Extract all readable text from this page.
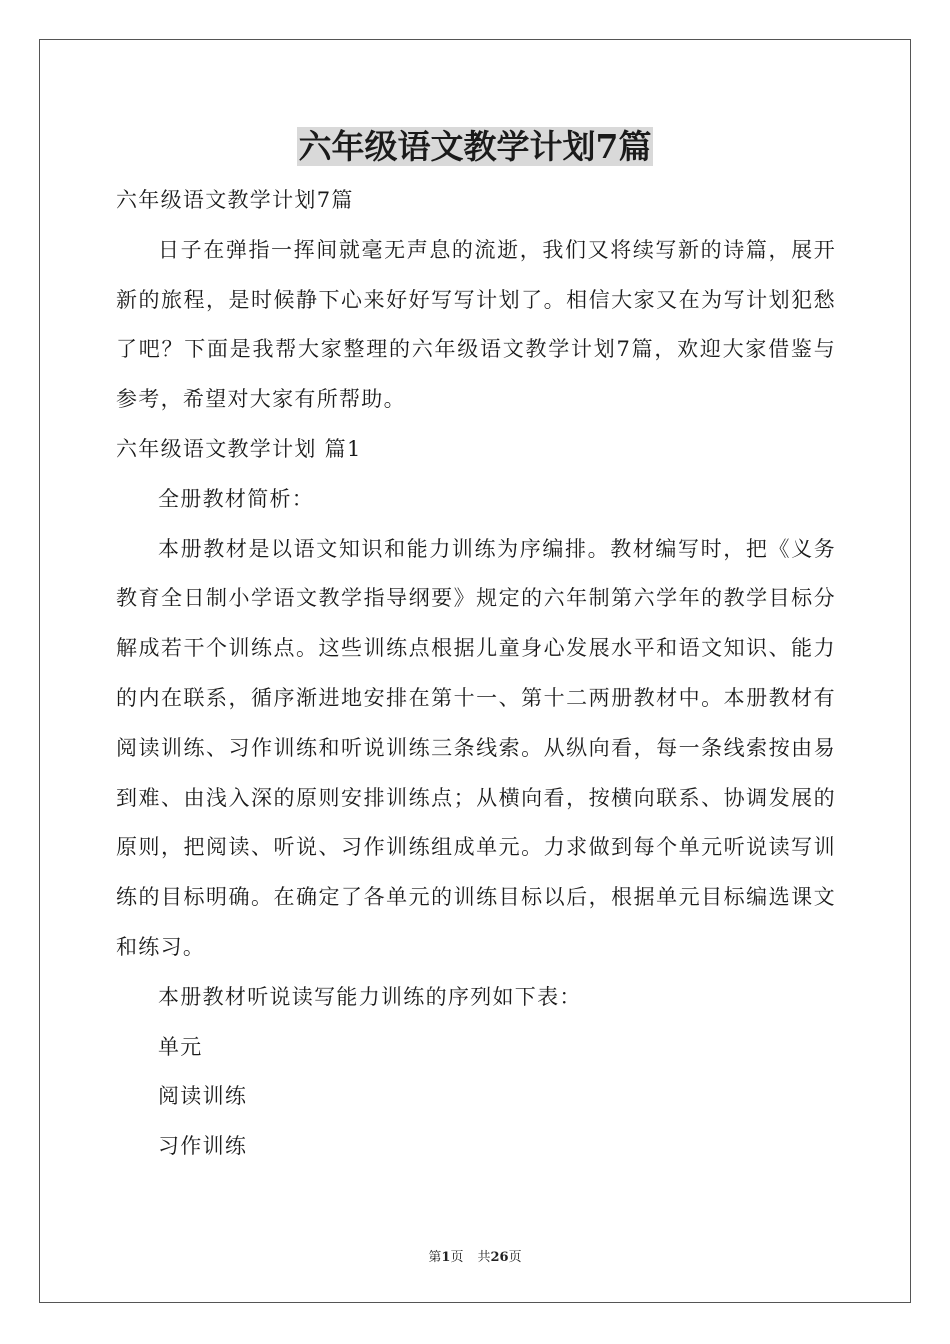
六年级语文教学计划7篇

六年级语文教学计划7篇

日子在弹指一挥间就毫无声息的流逝，我们又将续写新的诗篇，展开新的旅程，是时候静下心来好好写写计划了。相信大家又在为写计划犯愁了吧？下面是我帮大家整理的六年级语文教学计划7篇，欢迎大家借鉴与参考，希望对大家有所帮助。

六年级语文教学计划 篇1

全册教材简析：

本册教材是以语文知识和能力训练为序编排。教材编写时，把《义务教育全日制小学语文教学指导纲要》规定的六年制第六学年的教学目标分解成若干个训练点。这些训练点根据儿童身心发展水平和语文知识、能力的内在联系，循序渐进地安排在第十一、第十二两册教材中。本册教材有阅读训练、习作训练和听说训练三条线索。从纵向看，每一条线索按由易到难、由浅入深的原则安排训练点；从横向看，按横向联系、协调发展的原则，把阅读、听说、习作训练组成单元。力求做到每个单元听说读写训练的目标明确。在确定了各单元的训练目标以后，根据单元目标编选课文和练习。

本册教材听说读写能力训练的序列如下表：

单元

阅读训练

习作训练

第1页 共26页
